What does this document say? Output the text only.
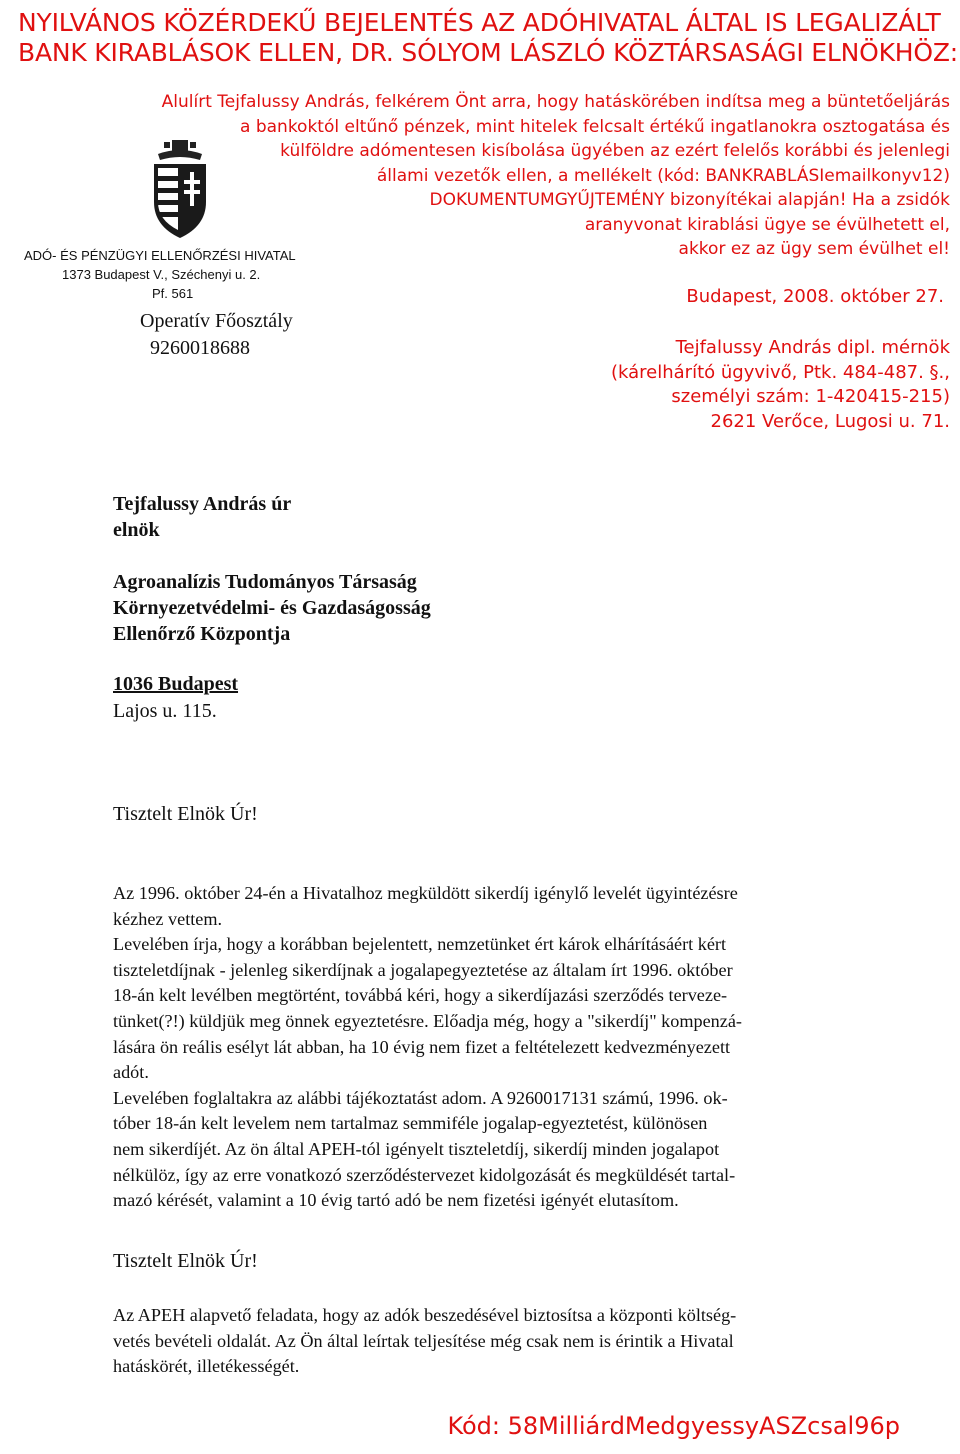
NYILVÁNOS KÖZÉRDEKŰ BEJELENTÉS AZ ADÓHIVATAL ÁLTAL IS LEGALIZÁLT
BANK KIRABLÁSOK ELLEN, DR. SÓLYOM LÁSZLÓ KÖZTÁRSASÁGI ELNÖKHÖZ:
Alulírt Tejfalussy András, felkérem Önt arra, hogy hatáskörében indítsa meg a büntetőeljárás
a bankoktól eltűnő pénzek, mint hitelek felcsalt értékű ingatlanokra osztogatása és
külföldre adómentesen kisíbolása ügyében az ezért felelős korábbi és jelenlegi
állami vezetők ellen, a mellékelt (kód: BANKRABLÁSIemailkonyv12)
DOKUMENTUMGYŰJTEMÉNY bizonyítékai alapján! Ha a zsidók
aranyvonat kirablási ügye se évülhetett el,
akkor ez az ügy sem évülhet el!
Budapest, 2008. október 27.
Tejfalussy András dipl. mérnök
(kárelhárító ügyvivő, Ptk. 484-487. §.,
személyi szám: 1-420415-215)
2621 Verőce, Lugosi u. 71.
ADÓ- ÉS PÉNZÜGYI ELLENŐRZÉSI HIVATAL
1373 Budapest V., Széchenyi u. 2.
Pf. 561
Operatív Főosztály
9260018688
Tejfalussy András úr
elnök
Agroanalízis Tudományos Társaság
Környezetvédelmi- és Gazdaságosság
Ellenőrző Központja
1036 Budapest
Lajos u. 115.
Tisztelt Elnök Úr!
Az 1996. október 24-én a Hivatalhoz megküldött sikerdíj igénylő levelét ügyintézésre
kézhez vettem.
Levelében írja, hogy a korábban bejelentett, nemzetünket ért károk elhárításáért kért
tiszteletdíjnak - jelenleg sikerdíjnak a jogalapegyeztetése az általam írt 1996. október
18-án kelt levélben megtörtént, továbbá kéri, hogy a sikerdíjazási szerződés terveze-
tünket(?!) küldjük meg önnek egyeztetésre. Előadja még, hogy a "sikerdíj" kompenzá-
lására ön reális esélyt lát abban, ha 10 évig nem fizet a feltételezett kedvezményezett
adót.
Levelében foglaltakra az alábbi tájékoztatást adom. A 9260017131 számú, 1996. ok-
tóber 18-án kelt levelem nem tartalmaz semmiféle jogalap-egyeztetést, különösen
nem sikerdíjét. Az ön által APEH-tól igényelt tiszteletdíj, sikerdíj minden jogalapot
nélkülöz, így az erre vonatkozó szerződéstervezet kidolgozását és megküldését tartal-
mazó kérését, valamint a 10 évig tartó adó be nem fizetési igényét elutasítom.
Tisztelt Elnök Úr!
Az APEH alapvető feladata, hogy az adók beszedésével biztosítsa a központi költség-
vetés bevételi oldalát. Az Ön által leírtak teljesítése még csak nem is érintik a Hivatal
hatáskörét, illetékességét.
Kód: 58MilliárdMedgyessyASZcsal96p
